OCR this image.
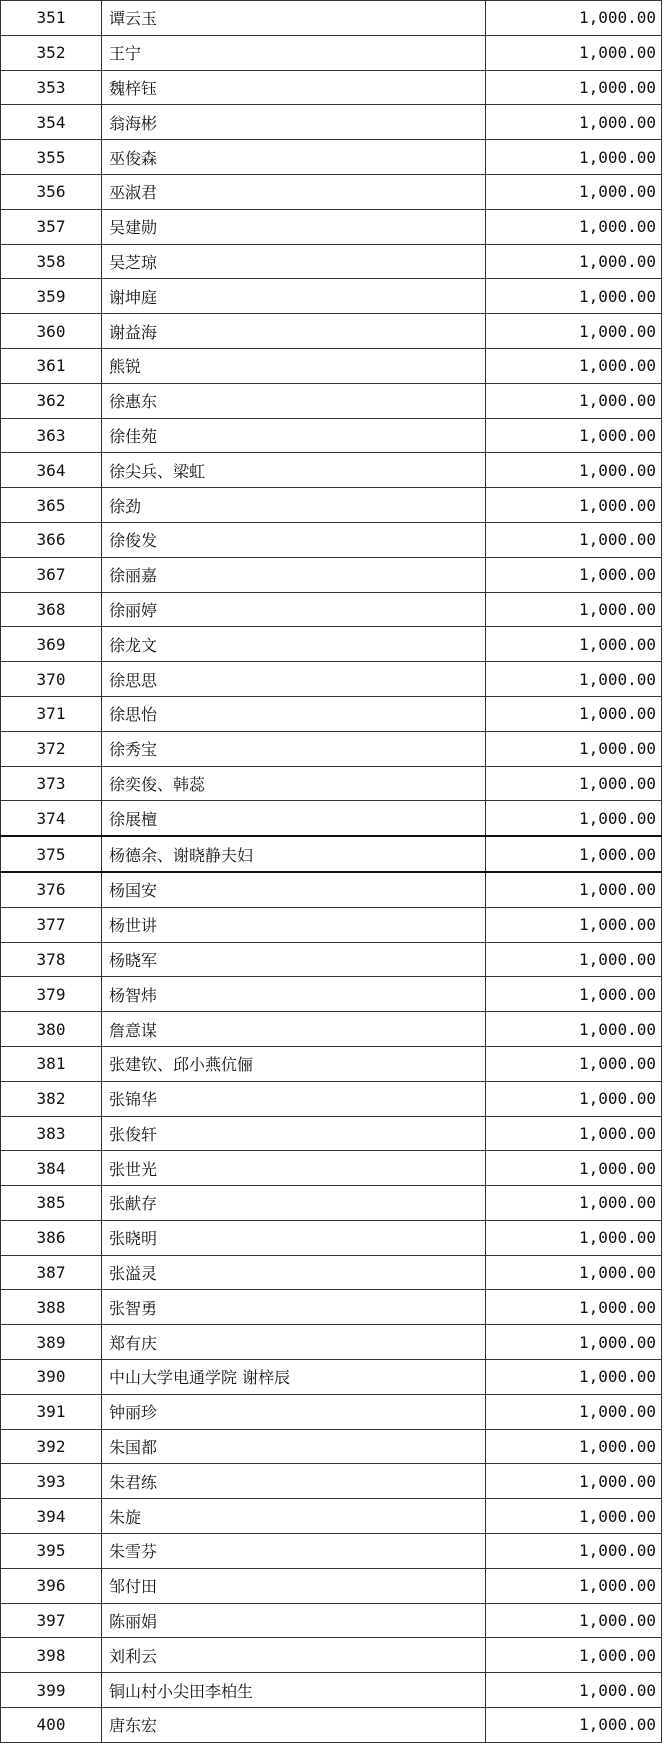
351	谭云玉	1,000.00
352	王宁	1,000.00
353	魏梓钰	1,000.00
354	翁海彬	1,000.00
355	巫俊森	1,000.00
356	巫淑君	1,000.00
357	吴建勋	1,000.00
358	吴芝琼	1,000.00
359	谢坤庭	1,000.00
360	谢益海	1,000.00
361	熊锐	1,000.00
362	徐惠东	1,000.00
363	徐佳苑	1,000.00
364	徐尖兵、梁虹	1,000.00
365	徐劲	1,000.00
366	徐俊发	1,000.00
367	徐丽嘉	1,000.00
368	徐丽婷	1,000.00
369	徐龙文	1,000.00
370	徐思思	1,000.00
371	徐思怡	1,000.00
372	徐秀宝	1,000.00
373	徐奕俊、韩蕊	1,000.00
374	徐展檀	1,000.00
375	杨德余、谢晓静夫妇	1,000.00
376	杨国安	1,000.00
377	杨世讲	1,000.00
378	杨晓军	1,000.00
379	杨智炜	1,000.00
380	詹意谋	1,000.00
381	张建钦、邱小燕伉俪	1,000.00
382	张锦华	1,000.00
383	张俊轩	1,000.00
384	张世光	1,000.00
385	张献存	1,000.00
386	张晓明	1,000.00
387	张溢灵	1,000.00
388	张智勇	1,000.00
389	郑有庆	1,000.00
390	中山大学电通学院 谢梓辰	1,000.00
391	钟丽珍	1,000.00
392	朱国都	1,000.00
393	朱君练	1,000.00
394	朱旋	1,000.00
395	朱雪芬	1,000.00
396	邹付田	1,000.00
397	陈丽娟	1,000.00
398	刘利云	1,000.00
399	铜山村小尖田李柏生	1,000.00
400	唐东宏	1,000.00
